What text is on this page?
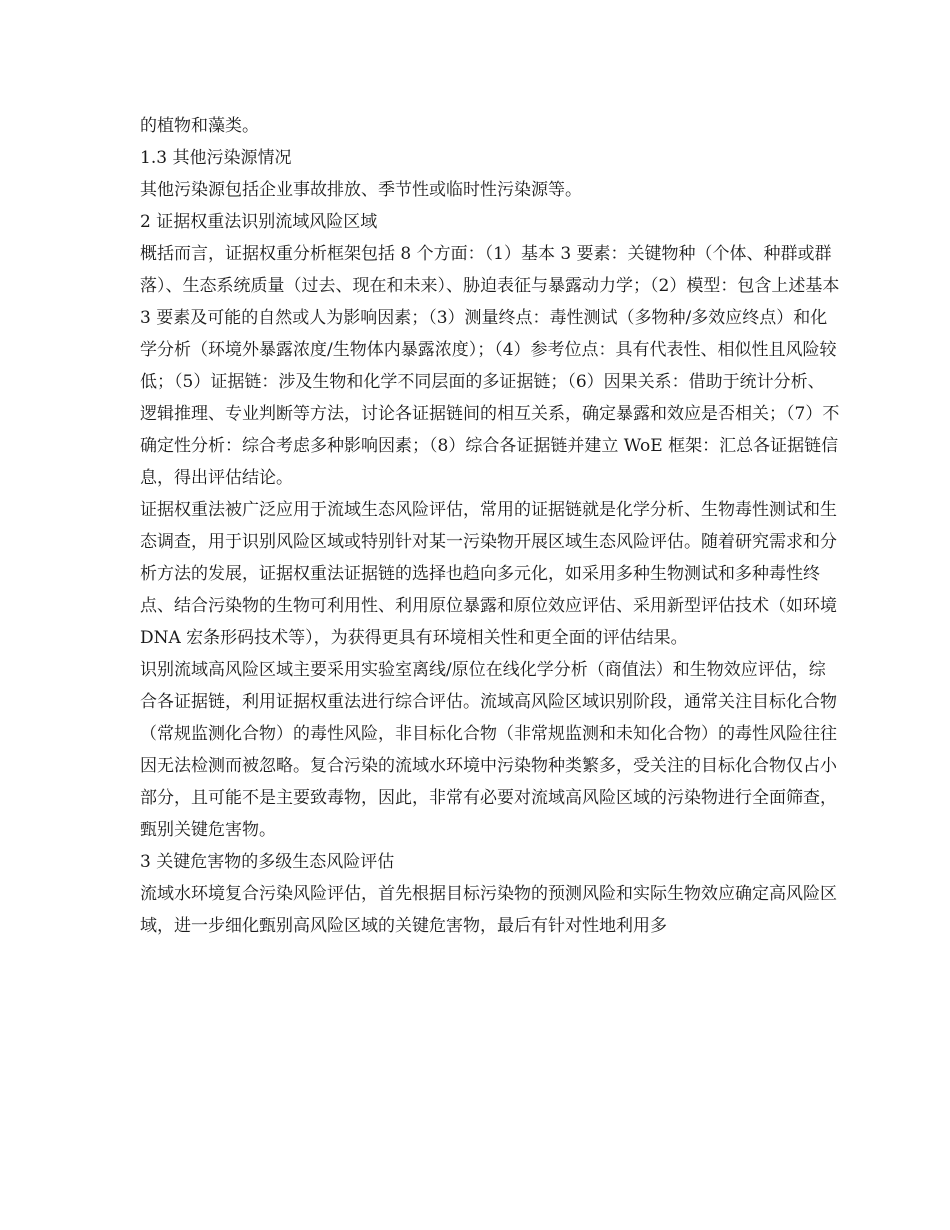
的植物和藻类。

1.3 其他污染源情况

其他污染源包括企业事故排放、季节性或临时性污染源等。

2 证据权重法识别流域风险区域

概括而言，证据权重分析框架包括 8 个方面：（1）基本 3 要素：关键物种（个体、种群或群落）、生态系统质量（过去、现在和未来）、胁迫表征与暴露动力学；（2）模型：包含上述基本 3 要素及可能的自然或人为影响因素；（3）测量终点：毒性测试（多物种/多效应终点）和化学分析（环境外暴露浓度/生物体内暴露浓度）；（4）参考位点：具有代表性、相似性且风险较低；（5）证据链：涉及生物和化学不同层面的多证据链；（6）因果关系：借助于统计分析、逻辑推理、专业判断等方法，讨论各证据链间的相互关系，确定暴露和效应是否相关；（7）不确定性分析：综合考虑多种影响因素；（8）综合各证据链并建立 WoE 框架：汇总各证据链信息，得出评估结论。

证据权重法被广泛应用于流域生态风险评估，常用的证据链就是化学分析、生物毒性测试和生态调查，用于识别风险区域或特别针对某一污染物开展区域生态风险评估。随着研究需求和分析方法的发展，证据权重法证据链的选择也趋向多元化，如采用多种生物测试和多种毒性终点、结合污染物的生物可利用性、利用原位暴露和原位效应评估、采用新型评估技术（如环境 DNA 宏条形码技术等），为获得更具有环境相关性和更全面的评估结果。

识别流域高风险区域主要采用实验室离线/原位在线化学分析（商值法）和生物效应评估，综合各证据链，利用证据权重法进行综合评估。流域高风险区域识别阶段，通常关注目标化合物（常规监测化合物）的毒性风险，非目标化合物（非常规监测和未知化合物）的毒性风险往往因无法检测而被忽略。复合污染的流域水环境中污染物种类繁多，受关注的目标化合物仅占小部分，且可能不是主要致毒物，因此，非常有必要对流域高风险区域的污染物进行全面筛查，甄别关键危害物。

3 关键危害物的多级生态风险评估

流域水环境复合污染风险评估，首先根据目标污染物的预测风险和实际生物效应确定高风险区域，进一步细化甄别高风险区域的关键危害物，最后有针对性地利用多
